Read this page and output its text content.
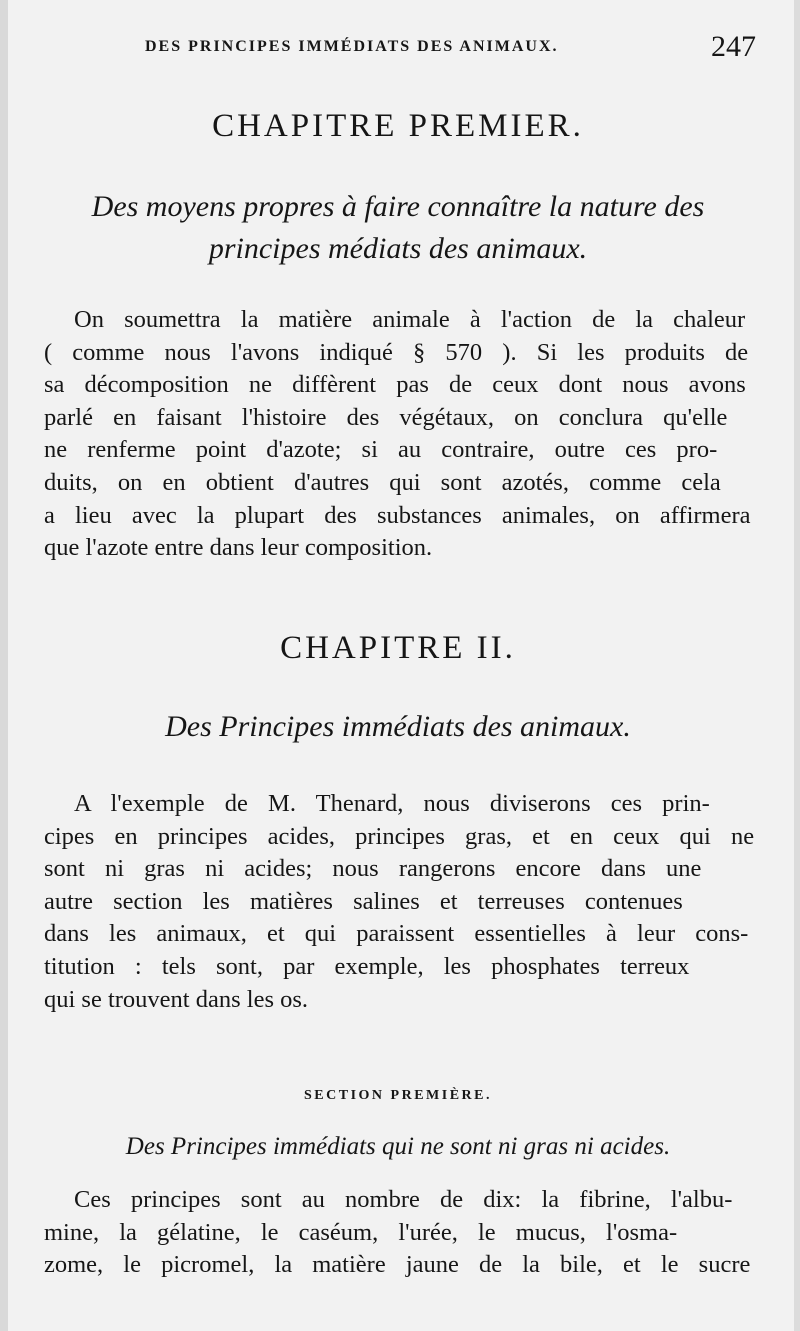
DES PRINCIPES IMMÉDIATS DES ANIMAUX.	247
CHAPITRE PREMIER.
Des moyens propres à faire connaître la nature des
principes médiats des animaux.
On soumettra la matière animale à l'action de la chaleur
( comme nous l'avons indiqué § 570 ). Si les produits de
sa décomposition ne diffèrent pas de ceux dont nous avons
parlé en faisant l'histoire des végétaux, on conclura qu'elle
ne renferme point d'azote; si au contraire, outre ces pro-
duits, on en obtient d'autres qui sont azotés, comme cela
a lieu avec la plupart des substances animales, on affirmera
que l'azote entre dans leur composition.
CHAPITRE II.
Des Principes immédiats des animaux.
A l'exemple de M. Thenard, nous diviserons ces prin-
cipes en principes acides, principes gras, et en ceux qui ne
sont ni gras ni acides; nous rangerons encore dans une
autre section les matières salines et terreuses contenues
dans les animaux, et qui paraissent essentielles à leur cons-
titution : tels sont, par exemple, les phosphates terreux
qui se trouvent dans les os.
SECTION PREMIÈRE.
Des Principes immédiats qui ne sont ni gras ni acides.
Ces principes sont au nombre de dix: la fibrine, l'albu-
mine, la gélatine, le caséum, l'urée, le mucus, l'osma-
zome, le picromel, la matière jaune de la bile, et le sucre
